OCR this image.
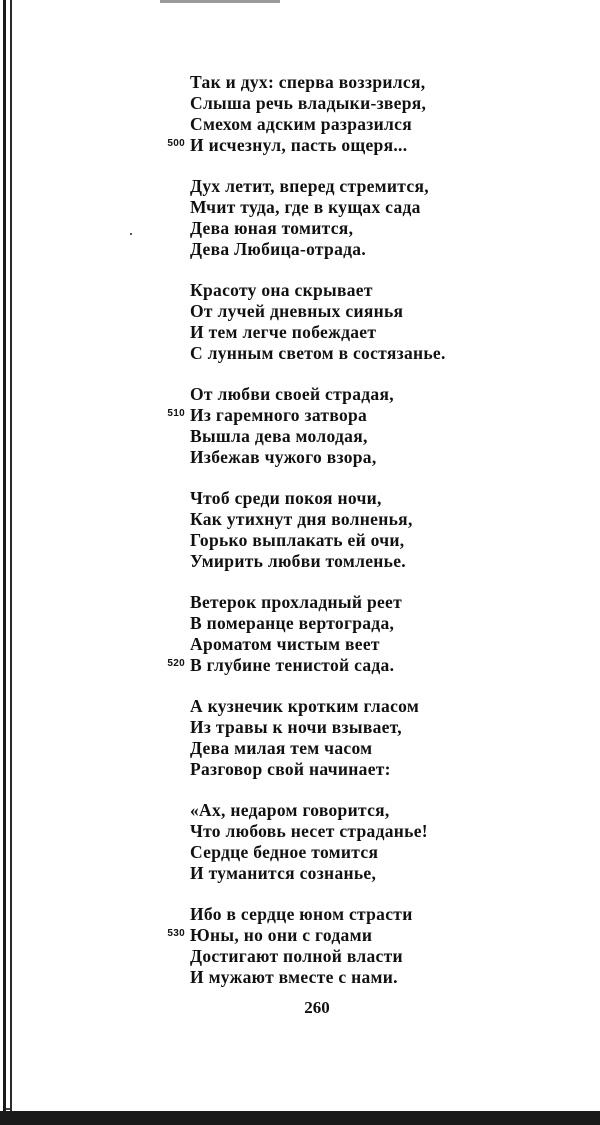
Так и дух: сперва воззрился,
Слыша речь владыки-зверя,
Смехом адским разразился
500 И исчезнул, пасть ощеря...
Дух летит, вперед стремится,
Мчит туда, где в кущах сада
Дева юная томится,
Дева Любица-отрада.
Красоту она скрывает
От лучей дневных сиянья
И тем легче побеждает
С лунным светом в состязанье.
От любви своей страдая,
510 Из гаремного затвора
Вышла дева молодая,
Избежав чужого взора,
Чтоб среди покоя ночи,
Как утихнут дня волненья,
Горько выплакать ей очи,
Умирить любви томленье.
Ветерок прохладный реет
В померанце вертограда,
Ароматом чистым веет
520 В глубине тенистой сада.
А кузнечик кротким гласом
Из травы к ночи взывает,
Дева милая тем часом
Разговор свой начинает:
«Ах, недаром говорится,
Что любовь несет страданье!
Сердце бедное томится
И туманится сознанье,
Ибо в сердце юном страсти
530 Юны, но они с годами
Достигают полной власти
И мужают вместе с нами.
260
